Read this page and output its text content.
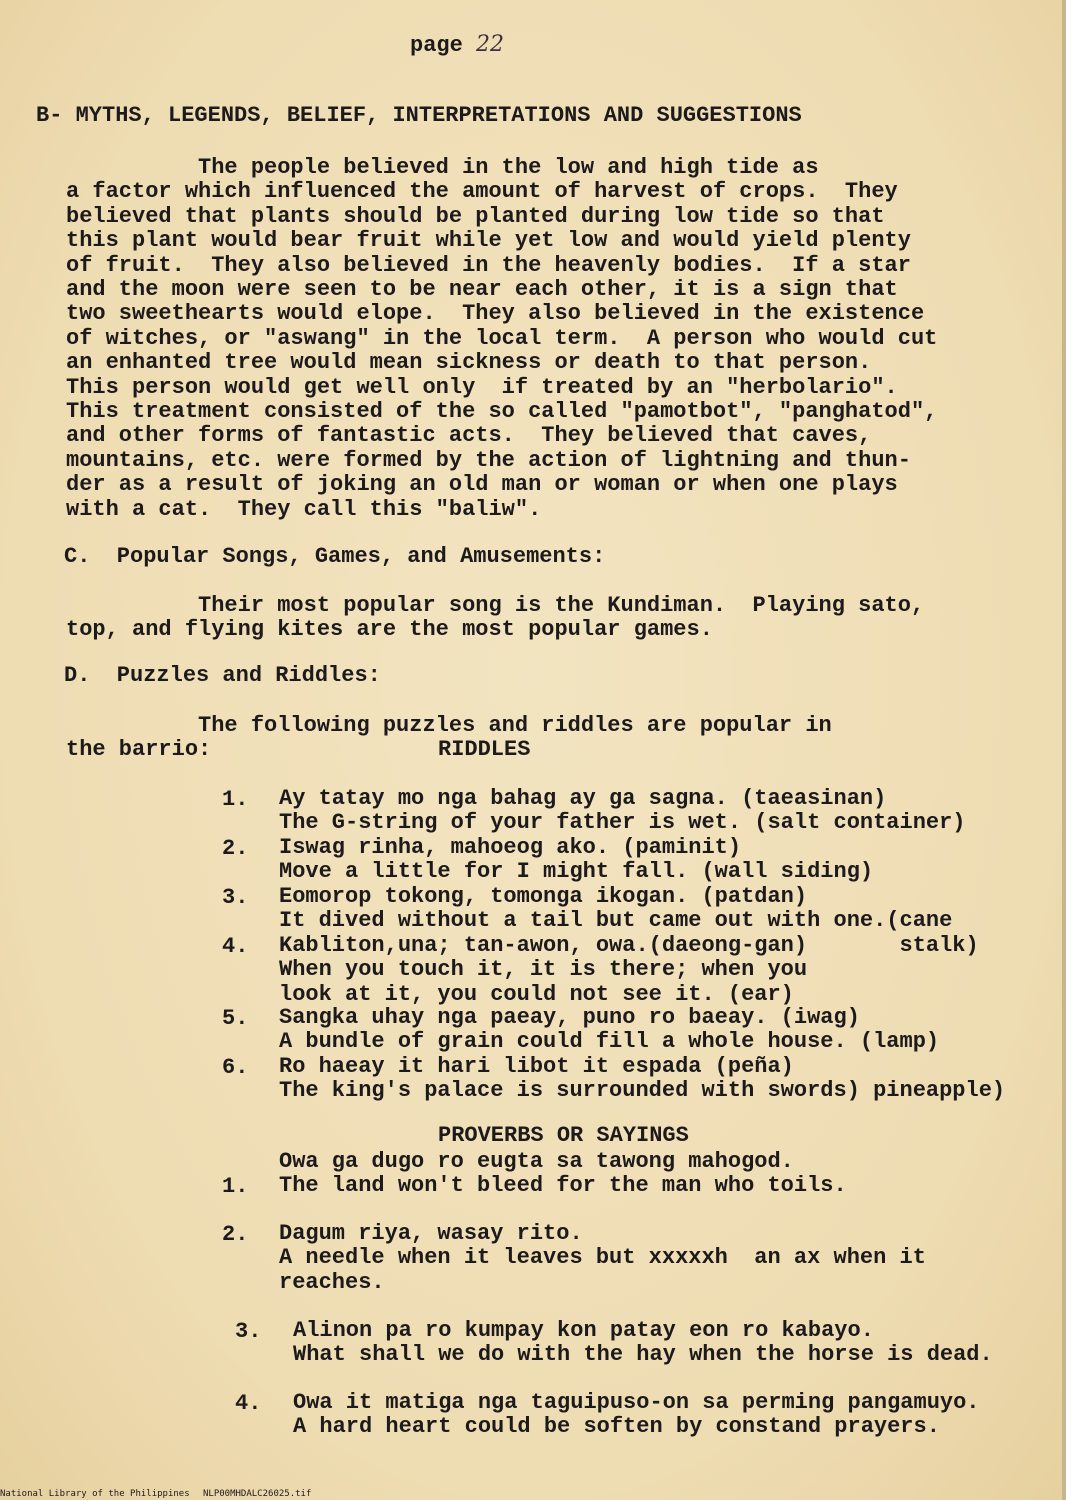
page 22
B- MYTHS, LEGENDS, BELIEF, INTERPRETATIONS AND SUGGESTIONS
The people believed in the low and high tide as
a factor which influenced the amount of harvest of crops.  They
believed that plants should be planted during low tide so that
this plant would bear fruit while yet low and would yield plenty
of fruit.  They also believed in the heavenly bodies.  If a star
and the moon were seen to be near each other, it is a sign that
two sweethearts would elope.  They also believed in the existence
of witches, or "aswang" in the local term.  A person who would cut
an enhanted tree would mean sickness or death to that person.
This person would get well only  if treated by an "herbolario".
This treatment consisted of the so called "pamotbot", "panghatod",
and other forms of fantastic acts.  They believed that caves,
mountains, etc. were formed by the action of lightning and thun-
der as a result of joking an old man or woman or when one plays
with a cat.  They call this "baliw".
C.  Popular Songs, Games, and Amusements:
Their most popular song is the Kundiman.  Playing sato,
top, and flying kites are the most popular games.
D.  Puzzles and Riddles:
The following puzzles and riddles are popular in
the barrio:	RIDDLES
1. Ay tatay mo nga bahag ay ga sagna. (taeasinan)
The G-string of your father is wet. (salt container)
2. Iswag rinha, mahoeog ako. (paminit)
Move a little for I might fall. (wall siding)
3. Eomorop tokong, tomonga ikogan. (patdan)
It dived without a tail but came out with one.(cane
4. Kabliton,una; tan-awon, owa.(daeong-gan)       stalk)
When you touch it, it is there; when you
look at it, you could not see it. (ear)
5. Sangka uhay nga paeay, puno ro baeay. (iwag)
A bundle of grain could fill a whole house. (lamp)
6. Ro haeay it hari libot it espada (peña)
The king's palace is surrounded with swords) pineapple)
PROVERBS OR SAYINGS
1.
Owa ga dugo ro eugta sa tawong mahogod.
The land won't bleed for the man who toils.
2. Dagum riya, wasay rito.
A needle when it leaves but xxxxxh  an ax when it
reaches.
3. Alinon pa ro kumpay kon patay eon ro kabayo.
What shall we do with the hay when the horse is dead.
4. Owa it matiga nga taguipuso-on sa perming pangamuyo.
A hard heart could be soften by constand prayers.
National Library of the Philippines NLP00MHDALC26025.tif
